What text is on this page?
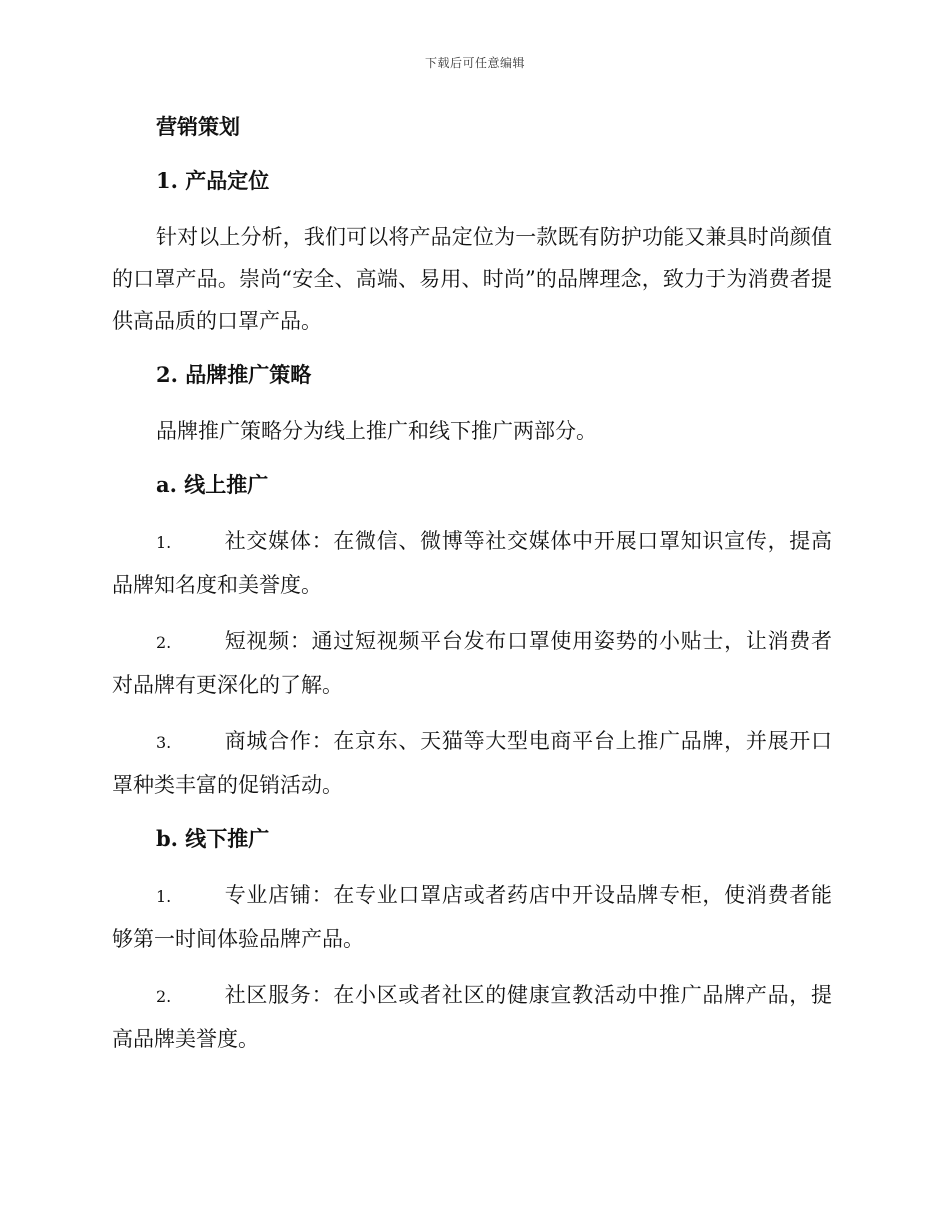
下载后可任意编辑
营销策划
1. 产品定位

针对以上分析，我们可以将产品定位为一款既有防护功能又兼具时尚颜值的口罩产品。崇尚“安全、高端、易用、时尚”的品牌理念，致力于为消费者提供高品质的口罩产品。

2. 品牌推广策略

品牌推广策略分为线上推广和线下推广两部分。

a. 线上推广

1.	社交媒体：在微信、微博等社交媒体中开展口罩知识宣传，提高品牌知名度和美誉度。

2.	短视频：通过短视频平台发布口罩使用姿势的小贴士，让消费者对品牌有更深化的了解。

3.	商城合作：在京东、天猫等大型电商平台上推广品牌，并展开口罩种类丰富的促销活动。

b. 线下推广

1.	专业店铺：在专业口罩店或者药店中开设品牌专柜，使消费者能够第一时间体验品牌产品。

2.	社区服务：在小区或者社区的健康宣教活动中推广品牌产品，提高品牌美誉度。
